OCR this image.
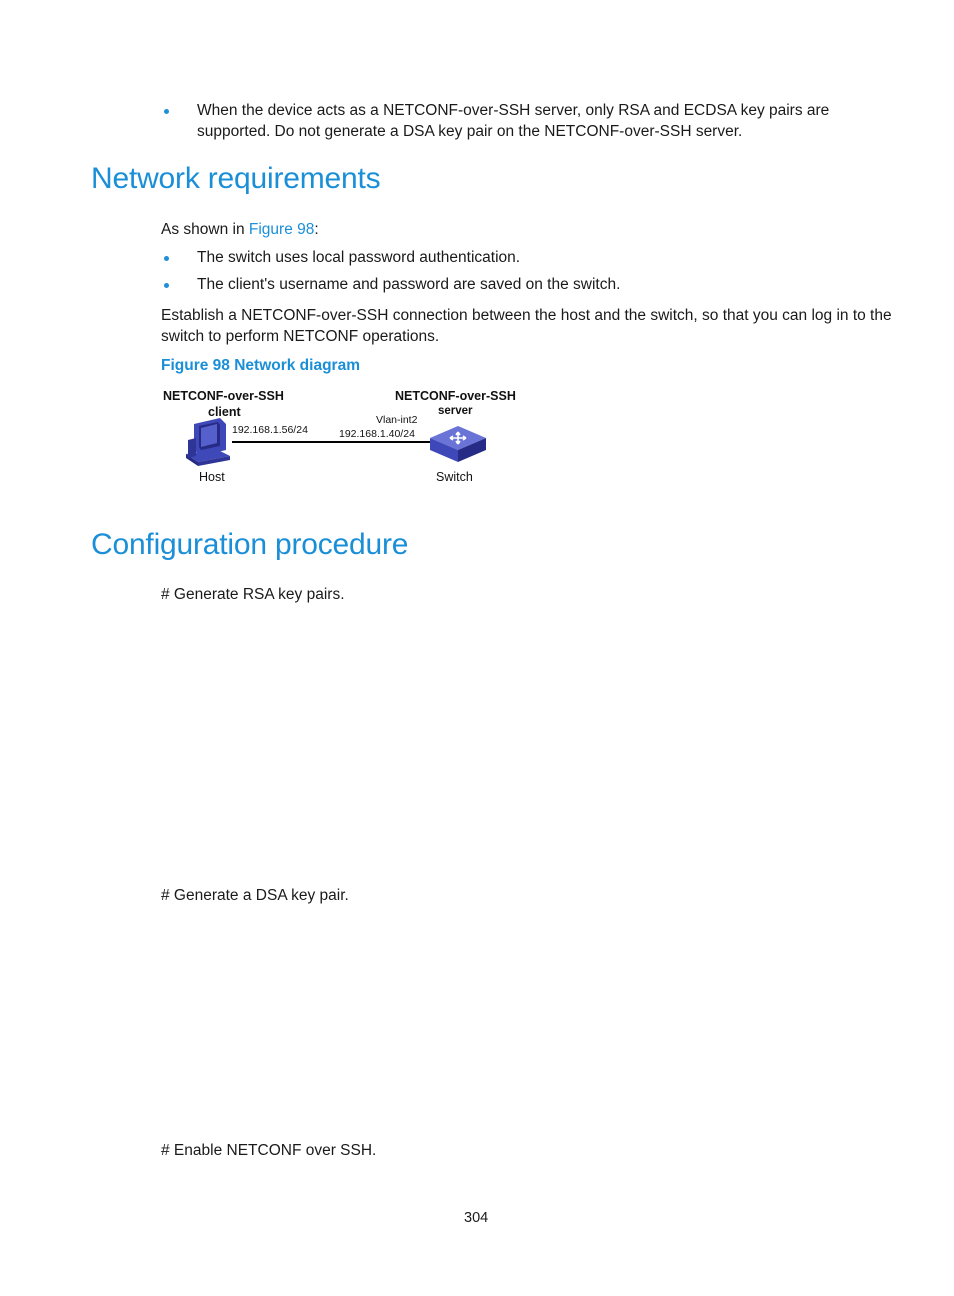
When the device acts as a NETCONF-over-SSH server, only RSA and ECDSA key pairs are supported. Do not generate a DSA key pair on the NETCONF-over-SSH server.
Network requirements
As shown in Figure 98:
The switch uses local password authentication.
The client's username and password are saved on the switch.
Establish a NETCONF-over-SSH connection between the host and the switch, so that you can log in to the
switch to perform NETCONF operations.
Figure 98 Network diagram
NETCONF-over-SSH
client
NETCONF-over-SSH
server
192.168.1.56/24
Vlan-int2
192.168.1.40/24
Host	Switch
Configuration procedure
# Generate RSA key pairs.
# Generate a DSA key pair.
# Enable NETCONF over SSH.
304
